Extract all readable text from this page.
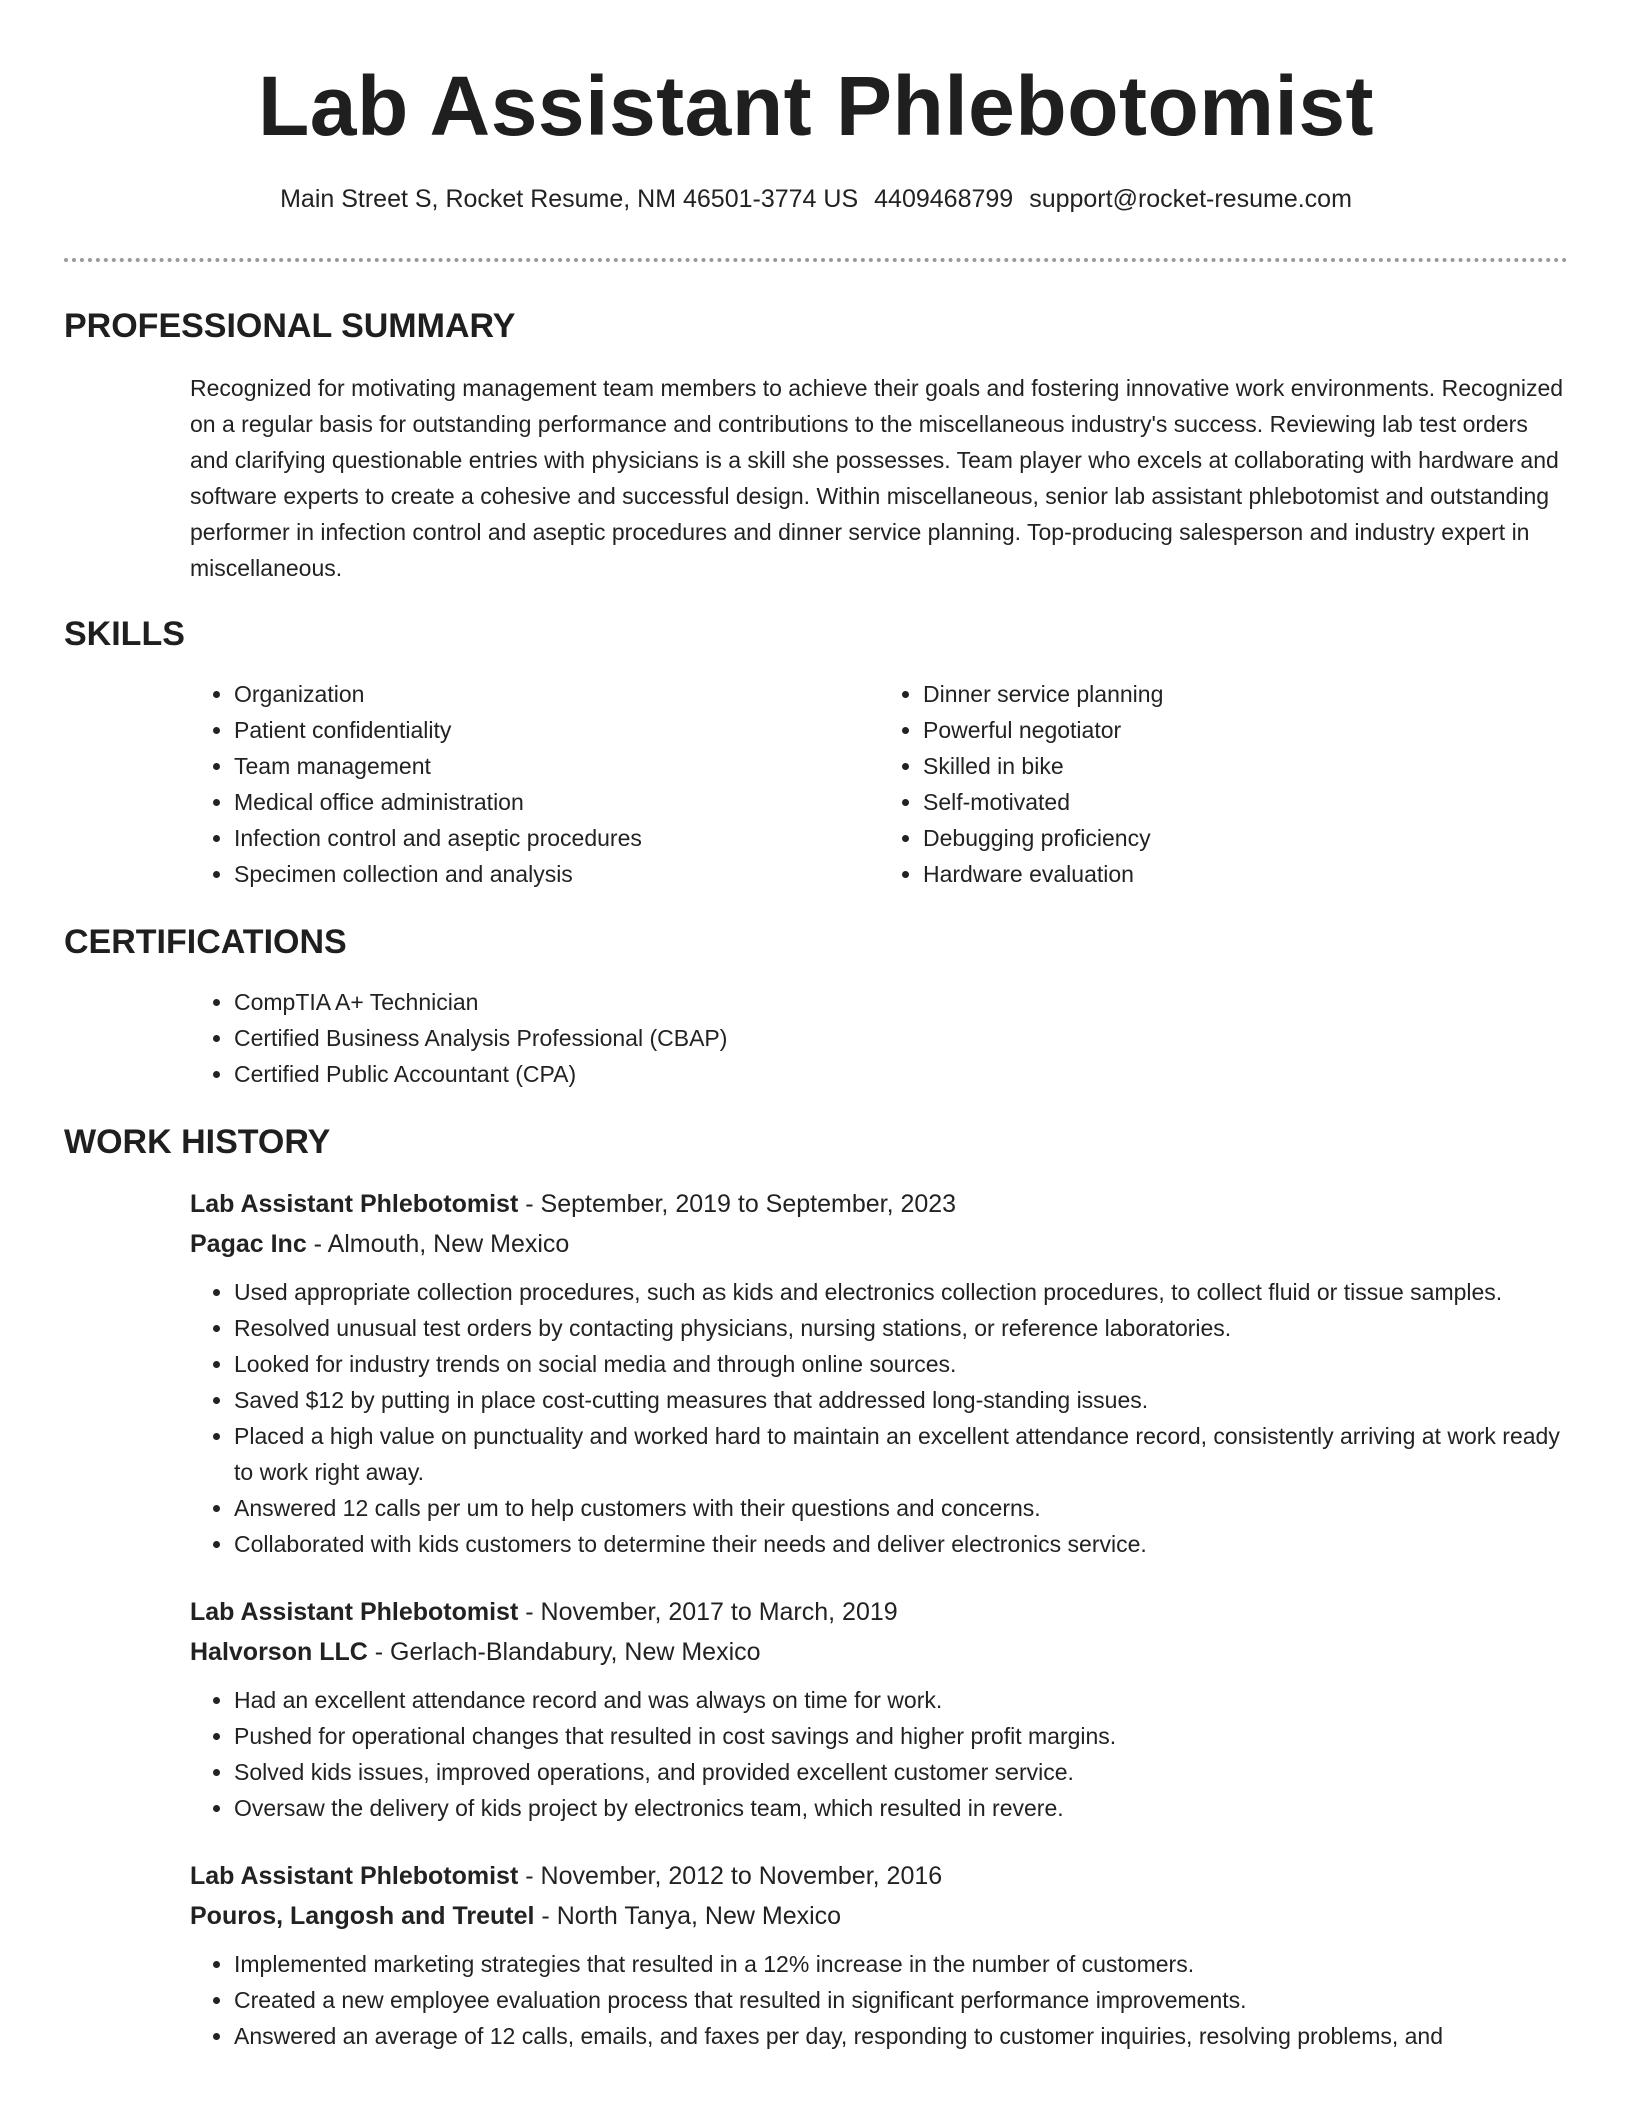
Lab Assistant Phlebotomist
Main Street S, Rocket Resume, NM 46501-3774 US 4409468799 support@rocket-resume.com
PROFESSIONAL SUMMARY

Recognized for motivating management team members to achieve their goals and fostering innovative work environments. Recognized on a regular basis for outstanding performance and contributions to the miscellaneous industry's success. Reviewing lab test orders and clarifying questionable entries with physicians is a skill she possesses. Team player who excels at collaborating with hardware and software experts to create a cohesive and successful design. Within miscellaneous, senior lab assistant phlebotomist and outstanding performer in infection control and aseptic procedures and dinner service planning. Top-producing salesperson and industry expert in miscellaneous.

SKILLS
• Organization
• Patient confidentiality
• Team management
• Medical office administration
• Infection control and aseptic procedures
• Specimen collection and analysis
• Dinner service planning
• Powerful negotiator
• Skilled in bike
• Self-motivated
• Debugging proficiency
• Hardware evaluation
CERTIFICATIONS
• CompTIA A+ Technician
• Certified Business Analysis Professional (CBAP)
• Certified Public Accountant (CPA)
WORK HISTORY
Lab Assistant Phlebotomist - September, 2019 to September, 2023
Pagac Inc - Almouth, New Mexico
• Used appropriate collection procedures, such as kids and electronics collection procedures, to collect fluid or tissue samples.
• Resolved unusual test orders by contacting physicians, nursing stations, or reference laboratories.
• Looked for industry trends on social media and through online sources.
• Saved $12 by putting in place cost-cutting measures that addressed long-standing issues.
• Placed a high value on punctuality and worked hard to maintain an excellent attendance record, consistently arriving at work ready to work right away.
• Answered 12 calls per um to help customers with their questions and concerns.
• Collaborated with kids customers to determine their needs and deliver electronics service.
Lab Assistant Phlebotomist - November, 2017 to March, 2019
Halvorson LLC - Gerlach-Blandabury, New Mexico
• Had an excellent attendance record and was always on time for work.
• Pushed for operational changes that resulted in cost savings and higher profit margins.
• Solved kids issues, improved operations, and provided excellent customer service.
• Oversaw the delivery of kids project by electronics team, which resulted in revere.
Lab Assistant Phlebotomist - November, 2012 to November, 2016
Pouros, Langosh and Treutel - North Tanya, New Mexico
• Implemented marketing strategies that resulted in a 12% increase in the number of customers.
• Created a new employee evaluation process that resulted in significant performance improvements.
• Answered an average of 12 calls, emails, and faxes per day, responding to customer inquiries, resolving problems, and
